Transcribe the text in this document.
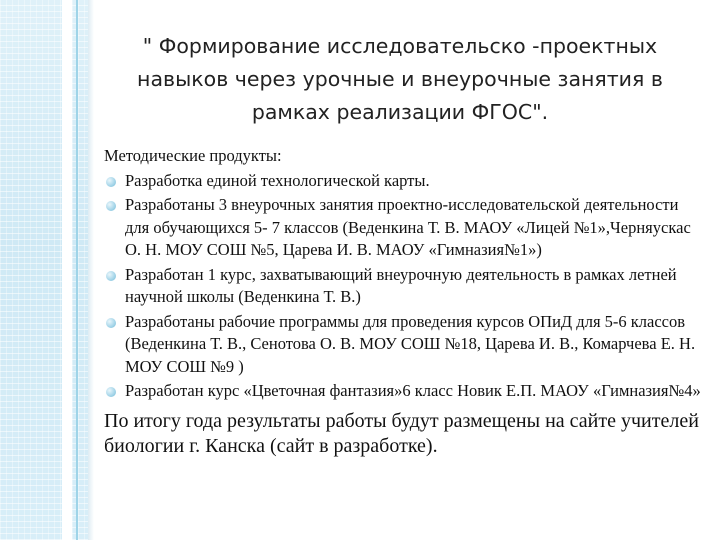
" Формирование исследовательско -проектных навыков через урочные и внеурочные занятия в рамках реализации ФГОС".
Методические продукты:
Разработка единой технологической карты.
Разработаны 3 внеурочных занятия проектно-исследовательской деятельности для обучающихся 5- 7 классов (Веденкина Т. В. МАОУ «Лицей №1»,Черняускас О. Н. МОУ СОШ №5, Царева И. В. МАОУ «Гимназия№1»)
Разработан 1 курс, захватывающий внеурочную деятельность в рамках летней научной школы (Веденкина Т. В.)
Разработаны рабочие программы для проведения курсов ОПиД для 5-6 классов (Веденкина Т. В., Сенотова О. В. МОУ СОШ №18, Царева И. В., Комарчева Е. Н. МОУ СОШ №9 )
Разработан курс «Цветочная фантазия»6 класс Новик Е.П. МАОУ «Гимназия№4»
По итогу года результаты работы будут размещены на сайте учителей биологии г. Канска (сайт в разработке).
